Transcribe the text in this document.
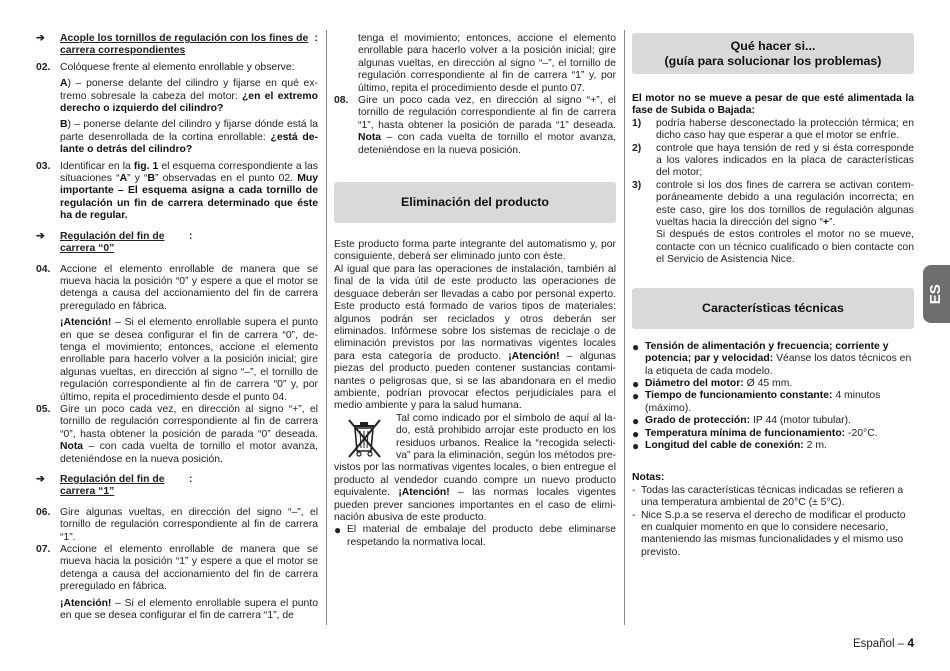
➔	Acople los tornillos de regulación con los fines de carrera correspondientes
:
02. Colóquese frente al elemento enrollable y observe:

A) – ponerse delante del cilindro y fijarse en qué extremo sobresale la cabeza del motor: ¿en el extremo derecho o izquierdo del cilindro?

B) – ponerse delante del cilindro y fijarse dónde está la parte desenrollada de la cortina enrollable: ¿está delante o detrás del cilindro?

03. Identificar en la fig. 1 el esquema correspondiente a las situaciones “A” y “B” observadas en el punto 02. Muy importante – El esquema asigna a cada tornillo de regulación un fin de carrera determinado que éste ha de regular.

➔	Regulación del fin de carrera “0”
:
04. Accione el elemento enrollable de manera que se mueva hacia la posición “0” y espere a que el motor se detenga a causa del accionamiento del fin de carrera preregulado en fábrica.

¡Atención! – Si el elemento enrollable supera el punto en que se desea configurar el fin de carrera “0”, detenga el movimiento; entonces, accione el elemento enrollable para hacerlo volver a la posición inicial; gire algunas vueltas, en dirección al signo “–”, el tornillo de regulación correspondiente al fin de carrera “0” y, por último, repita el procedimiento desde el punto 04.

05. Gire un poco cada vez, en dirección al signo “+”, el tornillo de regulación correspondiente al fin de carrera “0”, hasta obtener la posición de parada “0” deseada. Nota – con cada vuelta de tornillo el motor avanza, deteniéndose en la nueva posición.

➔	Regulación del fin de carrera “1”
:
06. Gire algunas vueltas, en dirección del signo “–”, el tornillo de regulación correspondiente al fin de carrera “1”.

07. Accione el elemento enrollable de manera que se mueva hacia la posición “1” y espere a que el motor se detenga a causa del accionamiento del fin de carrera preregulado en fábrica.

¡Atención! – Si el elemento enrollable supera el punto en que se desea configurar el fin de carrera “1”, de

tenga el movimiento; entonces, accione el elemento enrollable para hacerlo volver a la posición inicial; gire algunas vueltas, en dirección al signo “–”, el tornillo de regulación correspondiente al fin de carrera “1” y, por último, repita el procedimiento desde el punto 07.

08. Gire un poco cada vez, en dirección al signo “+”, el tornillo de regulación correspondiente al fin de carrera “1”, hasta obtener la posición de parada “1” deseada. Nota – con cada vuelta de tornillo el motor avanza, deteniéndose en la nueva posición.

Eliminación del producto

Este producto forma parte integrante del automatismo y, por consiguiente, deberá ser eliminado junto con éste.

Al igual que para las operaciones de instalación, también al final de la vida útil de este producto las operaciones de desguace deberán ser llevadas a cabo por personal experto. Este producto está formado de varios tipos de materiales: algunos podrán ser reciclados y otros deberán ser eliminados. Infórmese sobre los sistemas de reciclaje o de eliminación previstos por las normativas vigentes locales para esta categoría de producto. ¡Atención! – algunas piezas del producto pueden contener sustancias contaminantes o peligrosas que, si se las abandonara en el medio ambiente, podrían provocar efectos perjudiciales para el medio ambiente y para la salud humana.

Tal como indicado por el símbolo de aquí al lado, está prohibido arrojar este producto en los residuos urbanos. Realice la “recogida selectiva” para la eliminación, según los métodos previstos por las normativas vigentes locales, o bien entregue el producto al vendedor cuando compre un nuevo producto equivalente. ¡Atención! – las normas locales vigentes pueden prever sanciones importantes en el caso de eliminación abusiva de este producto.

● El material de embalaje del producto debe eliminarse respetando la normativa local.
Qué hacer si...
(guía para solucionar los problemas)

El motor no se mueve a pesar de que esté alimentada la fase de Subida o Bajada:

1)	podría haberse desconectado la protección térmica; en dicho caso hay que esperar a que el motor se enfríe.

2)	controle que haya tensión de red y si ésta corresponde a los valores indicados en la placa de características del motor;

3)	controle si los dos fines de carrera se activan contemporáneamente debido a una regulación incorrecta; en este caso, gire los dos tornillos de regulación algunas vueltas hacia la dirección del signo “+”.

Si después de estos controles el motor no se mueve, contacte con un técnico cualificado o bien contacte con el Servicio de Asistencia Nice.

Características técnicas
● Tensión de alimentación y frecuencia; corriente y potencia; par y velocidad: Véanse los datos técnicos en la etiqueta de cada modelo.
● Diámetro del motor: Ø 45 mm.
● Tiempo de funcionamiento constante: 4 minutos (máximo).
● Grado de protección: IP 44 (motor tubular).
● Temperatura mínima de funcionamiento: -20°C.
● Longitud del cable de conexión: 2 m.

Notas:

- Todas las características técnicas indicadas se refieren a una temperatura ambiental de 20°C (± 5°C).
- Nice S.p.a se reserva el derecho de modificar el producto en cualquier momento en que lo considere necesario, manteniendo las mismas funcionalidades y el mismo uso previsto.
ES
Español – 4
